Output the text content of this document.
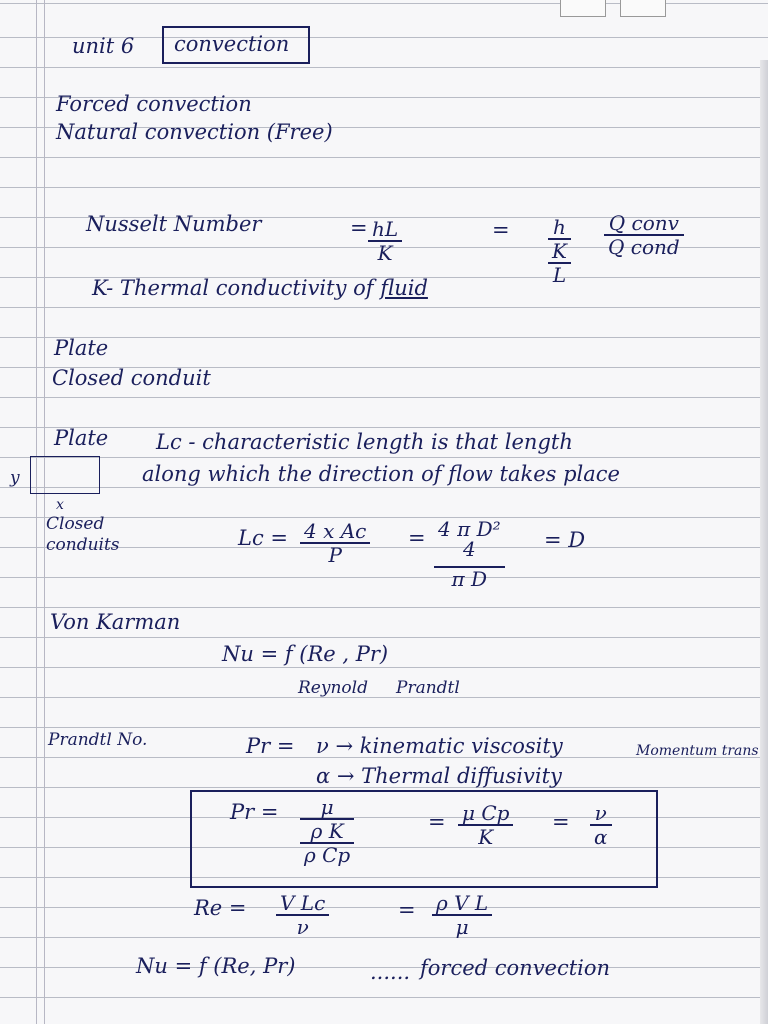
unit 6 convection
Forced convection
Natural convection (Free)
Nusselt Number	= hL
K
= h
K
L
Q conv
Q cond
K- Thermal conductivity of fluid
Plate
Closed conduit
Plate Lc - characteristic length is that length
along which the direction of flow takes place
y
x
Closed conduits	Lc = 4 x Ac
P
= 4 π D²
4
π D
= D
Von Karman
Nu = f (Re , Pr)
Reynold Prandtl
Prandtl No.	Pr = ν → kinematic viscosity
α → Thermal diffusivity
Momentum trans
Pr = μ
ρ K
ρ Cp
= μ Cp
K
= ν
α
Re = V Lc
ν
= ρ V L
μ
Nu = f (Re, Pr)	...... forced convection
